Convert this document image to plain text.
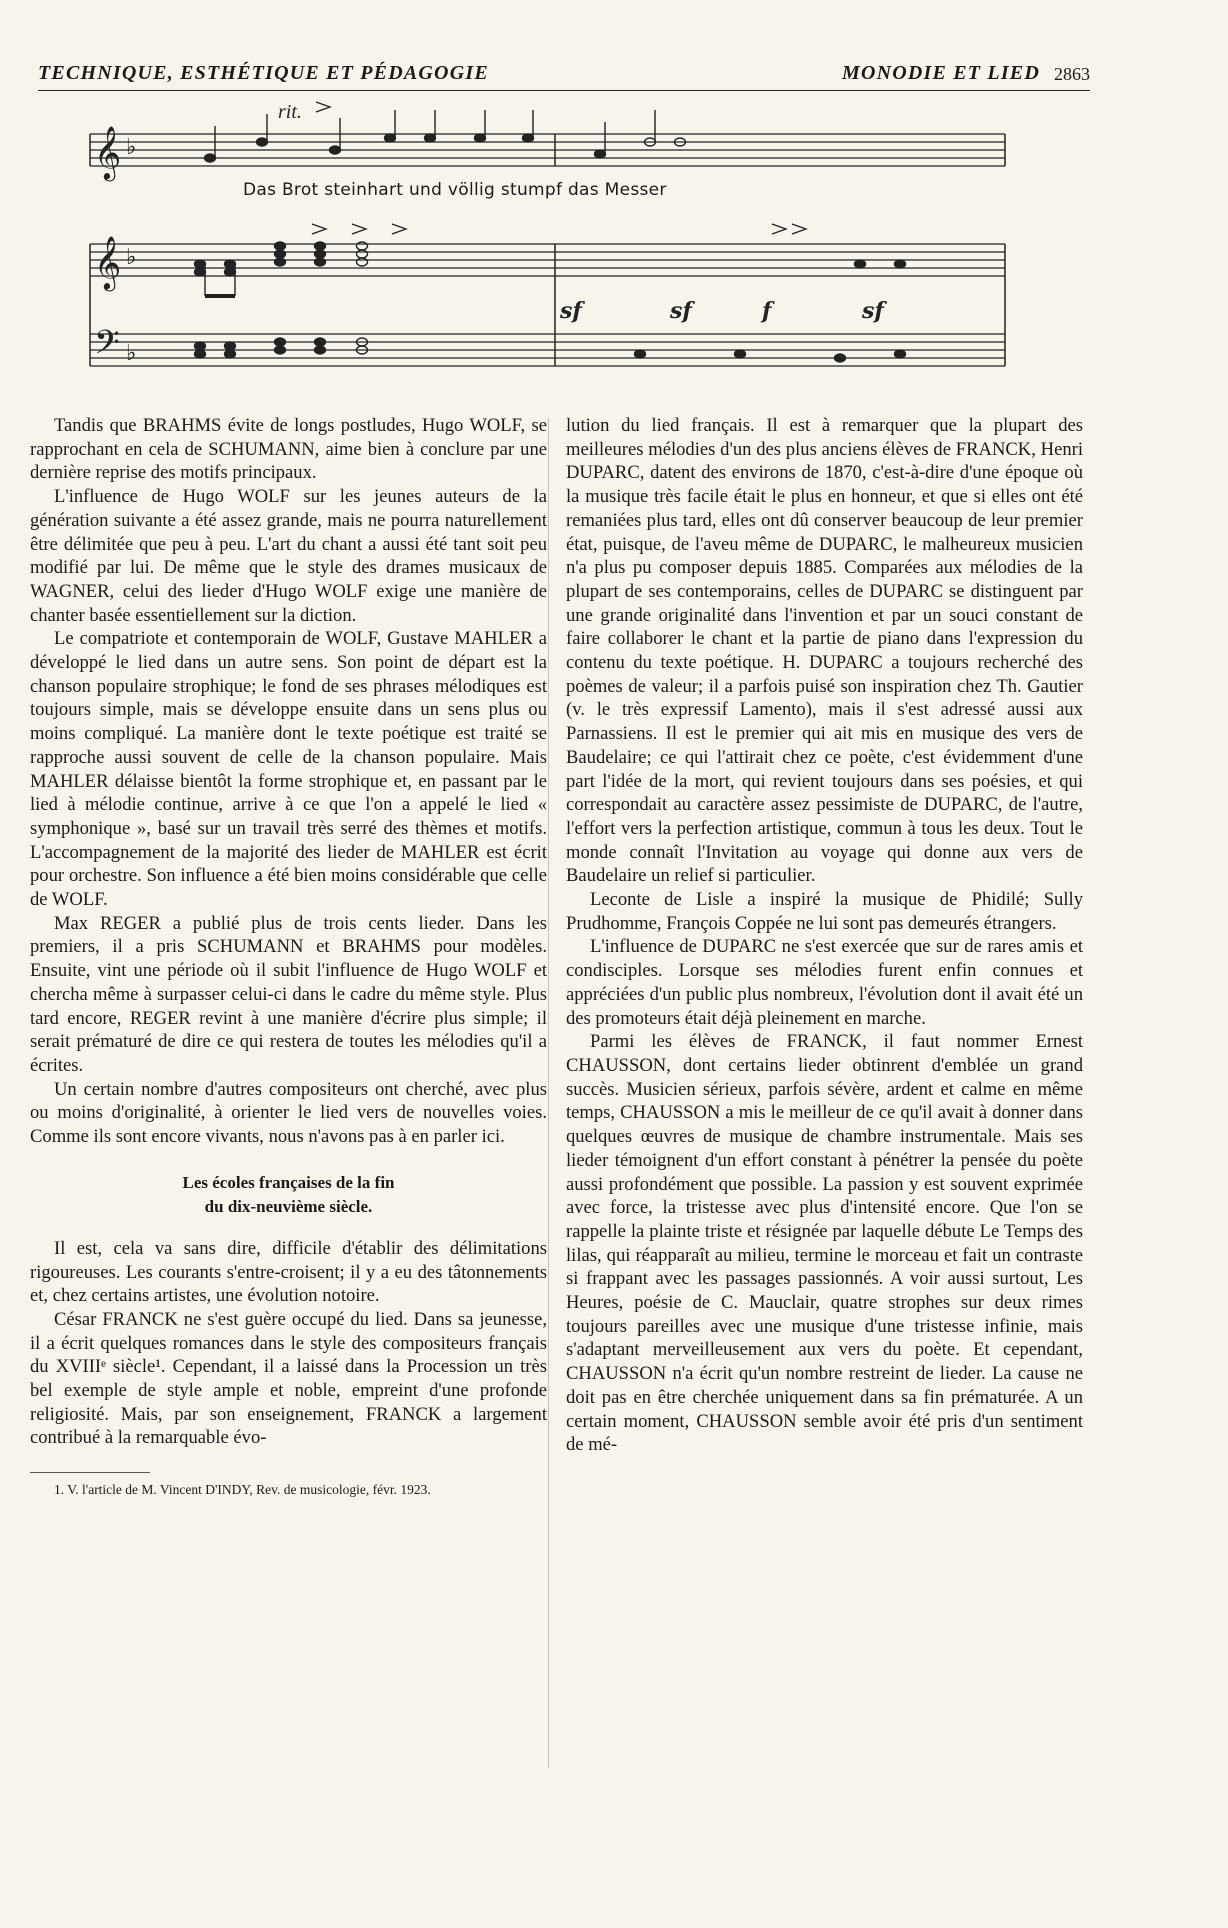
TECHNIQUE, ESTHÉTIQUE ET PÉDAGOGIE	MONODIE ET LIED 2863
𝄞
𝄞
𝄢
♭
♭
♭
rit.
sf	sf	f	sf
Das Brot steinhart und völlig stumpf das Messer

Tandis que BRAHMS évite de longs postludes, Hugo WOLF, se rapprochant en cela de SCHUMANN, aime bien à conclure par une dernière reprise des motifs principaux.

L'influence de Hugo WOLF sur les jeunes auteurs de la génération suivante a été assez grande, mais ne pourra naturellement être délimitée que peu à peu. L'art du chant a aussi été tant soit peu modifié par lui. De même que le style des drames musicaux de WAGNER, celui des lieder d'Hugo WOLF exige une manière de chanter basée essentiellement sur la diction.

Le compatriote et contemporain de WOLF, Gustave MAHLER a développé le lied dans un autre sens. Son point de départ est la chanson populaire strophique; le fond de ses phrases mélodiques est toujours simple, mais se développe ensuite dans un sens plus ou moins compliqué. La manière dont le texte poétique est traité se rapproche aussi souvent de celle de la chanson populaire. Mais MAHLER délaisse bientôt la forme strophique et, en passant par le lied à mélodie continue, arrive à ce que l'on a appelé le lied « symphonique », basé sur un travail très serré des thèmes et motifs. L'accompagnement de la majorité des lieder de MAHLER est écrit pour orchestre. Son influence a été bien moins considérable que celle de WOLF.

Max REGER a publié plus de trois cents lieder. Dans les premiers, il a pris SCHUMANN et BRAHMS pour modèles. Ensuite, vint une période où il subit l'influence de Hugo WOLF et chercha même à surpasser celui-ci dans le cadre du même style. Plus tard encore, REGER revint à une manière d'écrire plus simple; il serait prématuré de dire ce qui restera de toutes les mélodies qu'il a écrites.

Un certain nombre d'autres compositeurs ont cherché, avec plus ou moins d'originalité, à orienter le lied vers de nouvelles voies. Comme ils sont encore vivants, nous n'avons pas à en parler ici.

Les écoles françaises de la fin
du dix-neuvième siècle.

Il est, cela va sans dire, difficile d'établir des délimitations rigoureuses. Les courants s'entre-croisent; il y a eu des tâtonnements et, chez certains artistes, une évolution notoire.

César FRANCK ne s'est guère occupé du lied. Dans sa jeunesse, il a écrit quelques romances dans le style des compositeurs français du XVIIIᵉ siècle¹. Cependant, il a laissé dans la Procession un très bel exemple de style ample et noble, empreint d'une profonde religiosité. Mais, par son enseignement, FRANCK a largement contribué à la remarquable évo-

1. V. l'article de M. Vincent D'INDY, Rev. de musicologie, févr. 1923.

lution du lied français. Il est à remarquer que la plupart des meilleures mélodies d'un des plus anciens élèves de FRANCK, Henri DUPARC, datent des environs de 1870, c'est-à-dire d'une époque où la musique très facile était le plus en honneur, et que si elles ont été remaniées plus tard, elles ont dû conserver beaucoup de leur premier état, puisque, de l'aveu même de DUPARC, le malheureux musicien n'a plus pu composer depuis 1885. Comparées aux mélodies de la plupart de ses contemporains, celles de DUPARC se distinguent par une grande originalité dans l'invention et par un souci constant de faire collaborer le chant et la partie de piano dans l'expression du contenu du texte poétique. H. DUPARC a toujours recherché des poèmes de valeur; il a parfois puisé son inspiration chez Th. Gautier (v. le très expressif Lamento), mais il s'est adressé aussi aux Parnassiens. Il est le premier qui ait mis en musique des vers de Baudelaire; ce qui l'attirait chez ce poète, c'est évidemment d'une part l'idée de la mort, qui revient toujours dans ses poésies, et qui correspondait au caractère assez pessimiste de DUPARC, de l'autre, l'effort vers la perfection artistique, commun à tous les deux. Tout le monde connaît l'Invitation au voyage qui donne aux vers de Baudelaire un relief si particulier.

Leconte de Lisle a inspiré la musique de Phidilé; Sully Prudhomme, François Coppée ne lui sont pas demeurés étrangers.

L'influence de DUPARC ne s'est exercée que sur de rares amis et condisciples. Lorsque ses mélodies furent enfin connues et appréciées d'un public plus nombreux, l'évolution dont il avait été un des promoteurs était déjà pleinement en marche.

Parmi les élèves de FRANCK, il faut nommer Ernest CHAUSSON, dont certains lieder obtinrent d'emblée un grand succès. Musicien sérieux, parfois sévère, ardent et calme en même temps, CHAUSSON a mis le meilleur de ce qu'il avait à donner dans quelques œuvres de musique de chambre instrumentale. Mais ses lieder témoignent d'un effort constant à pénétrer la pensée du poète aussi profondément que possible. La passion y est souvent exprimée avec force, la tristesse avec plus d'intensité encore. Que l'on se rappelle la plainte triste et résignée par laquelle débute Le Temps des lilas, qui réapparaît au milieu, termine le morceau et fait un contraste si frappant avec les passages passionnés. A voir aussi surtout, Les Heures, poésie de C. Mauclair, quatre strophes sur deux rimes toujours pareilles avec une musique d'une tristesse infinie, mais s'adaptant merveilleusement aux vers du poète. Et cependant, CHAUSSON n'a écrit qu'un nombre restreint de lieder. La cause ne doit pas en être cherchée uniquement dans sa fin prématurée. A un certain moment, CHAUSSON semble avoir été pris d'un sentiment de mé-
